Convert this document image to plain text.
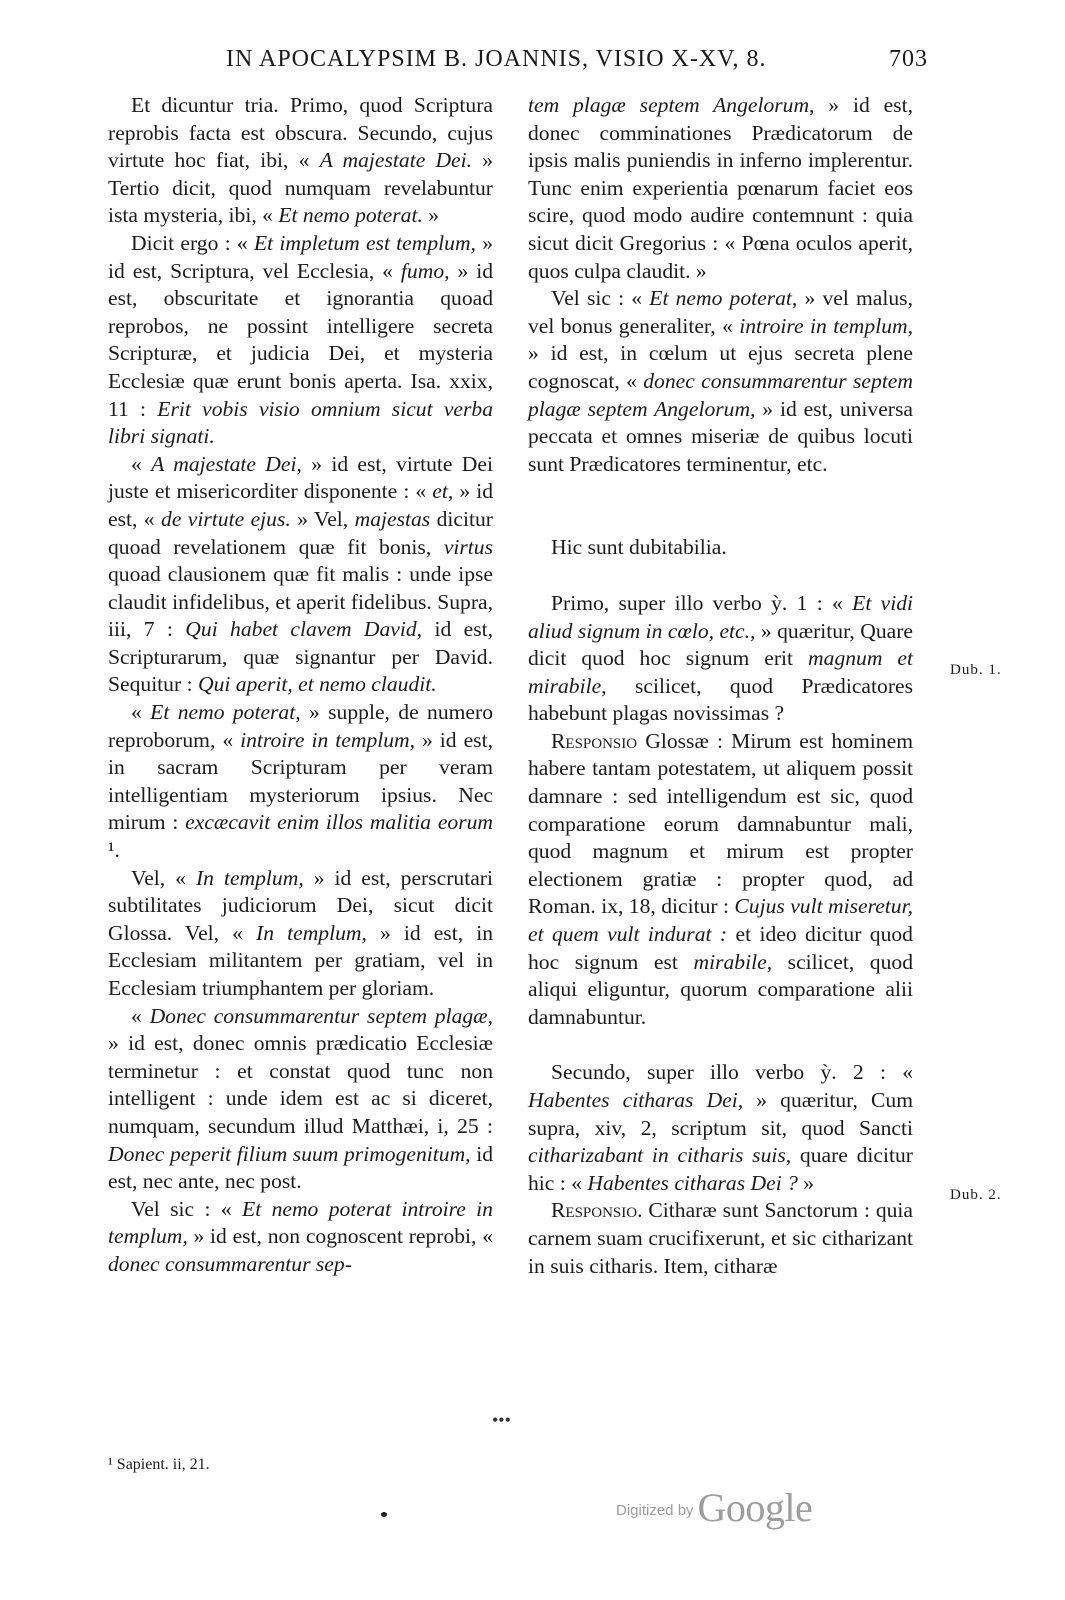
IN APOCALYPSIM B. JOANNIS, VISIO X-XV, 8.	703

Et dicuntur tria. Primo, quod Scriptura reprobis facta est obscura. Secundo, cujus virtute hoc fiat, ibi, « A majestate Dei. » Tertio dicit, quod numquam revelabuntur ista mysteria, ibi, « Et nemo poterat. »

Dicit ergo : « Et impletum est templum, » id est, Scriptura, vel Ecclesia, « fumo, » id est, obscuritate et ignorantia quoad reprobos, ne possint intelligere secreta Scripturæ, et judicia Dei, et mysteria Ecclesiæ quæ erunt bonis aperta. Isa. xxix, 11 : Erit vobis visio omnium sicut verba libri signati.

« A majestate Dei, » id est, virtute Dei juste et misericorditer disponente : « et, » id est, « de virtute ejus. » Vel, majestas dicitur quoad revelationem quæ fit bonis, virtus quoad clausionem quæ fit malis : unde ipse claudit infidelibus, et aperit fidelibus. Supra, iii, 7 : Qui habet clavem David, id est, Scripturarum, quæ signantur per David. Sequitur : Qui aperit, et nemo claudit.

« Et nemo poterat, » supple, de numero reproborum, « introire in templum, » id est, in sacram Scripturam per veram intelligentiam mysteriorum ipsius. Nec mirum : excæcavit enim illos malitia eorum ¹.

Vel, « In templum, » id est, perscrutari subtilitates judiciorum Dei, sicut dicit Glossa. Vel, « In templum, » id est, in Ecclesiam militantem per gratiam, vel in Ecclesiam triumphantem per gloriam.

« Donec consummarentur septem plagæ, » id est, donec omnis prædicatio Ecclesiæ terminetur : et constat quod tunc non intelligent : unde idem est ac si diceret, numquam, secundum illud Matthæi, i, 25 : Donec peperit filium suum primogenitum, id est, nec ante, nec post.

Vel sic : « Et nemo poterat introire in templum, » id est, non cognoscent reprobi, « donec consummarentur sep-

tem plagæ septem Angelorum, » id est, donec comminationes Prædicatorum de ipsis malis puniendis in inferno implerentur. Tunc enim experientia pœnarum faciet eos scire, quod modo audire contemnunt : quia sicut dicit Gregorius : « Pœna oculos aperit, quos culpa claudit. »

Vel sic : « Et nemo poterat, » vel malus, vel bonus generaliter, « introire in templum, » id est, in cœlum ut ejus secreta plene cognoscat, « donec consummarentur septem plagæ septem Angelorum, » id est, universa peccata et omnes miseriæ de quibus locuti sunt Prædicatores terminentur, etc.

Hic sunt dubitabilia.

Primo, super illo verbo ỳ. 1 : « Et vidi aliud signum in cœlo, etc., » quæritur, Quare dicit quod hoc signum erit magnum et mirabile, scilicet, quod Prædicatores habebunt plagas novissimas ?

Responsio Glossæ : Mirum est hominem habere tantam potestatem, ut aliquem possit damnare : sed intelligendum est sic, quod comparatione eorum damnabuntur mali, quod magnum et mirum est propter electionem gratiæ : propter quod, ad Roman. ix, 18, dicitur : Cujus vult miseretur, et quem vult indurat : et ideo dicitur quod hoc signum est mirabile, scilicet, quod aliqui eliguntur, quorum comparatione alii damnabuntur.

Secundo, super illo verbo ỳ. 2 : « Habentes citharas Dei, » quæritur, Cum supra, xiv, 2, scriptum sit, quod Sancti citharizabant in citharis suis, quare dicitur hic : « Habentes citharas Dei ? »

Responsio. Citharæ sunt Sanctorum : quia carnem suam crucifixerunt, et sic citharizant in suis citharis. Item, citharæ

Dub. 1.
Dub. 2.
•••
¹ Sapient. ii, 21.
Digitized by Google
